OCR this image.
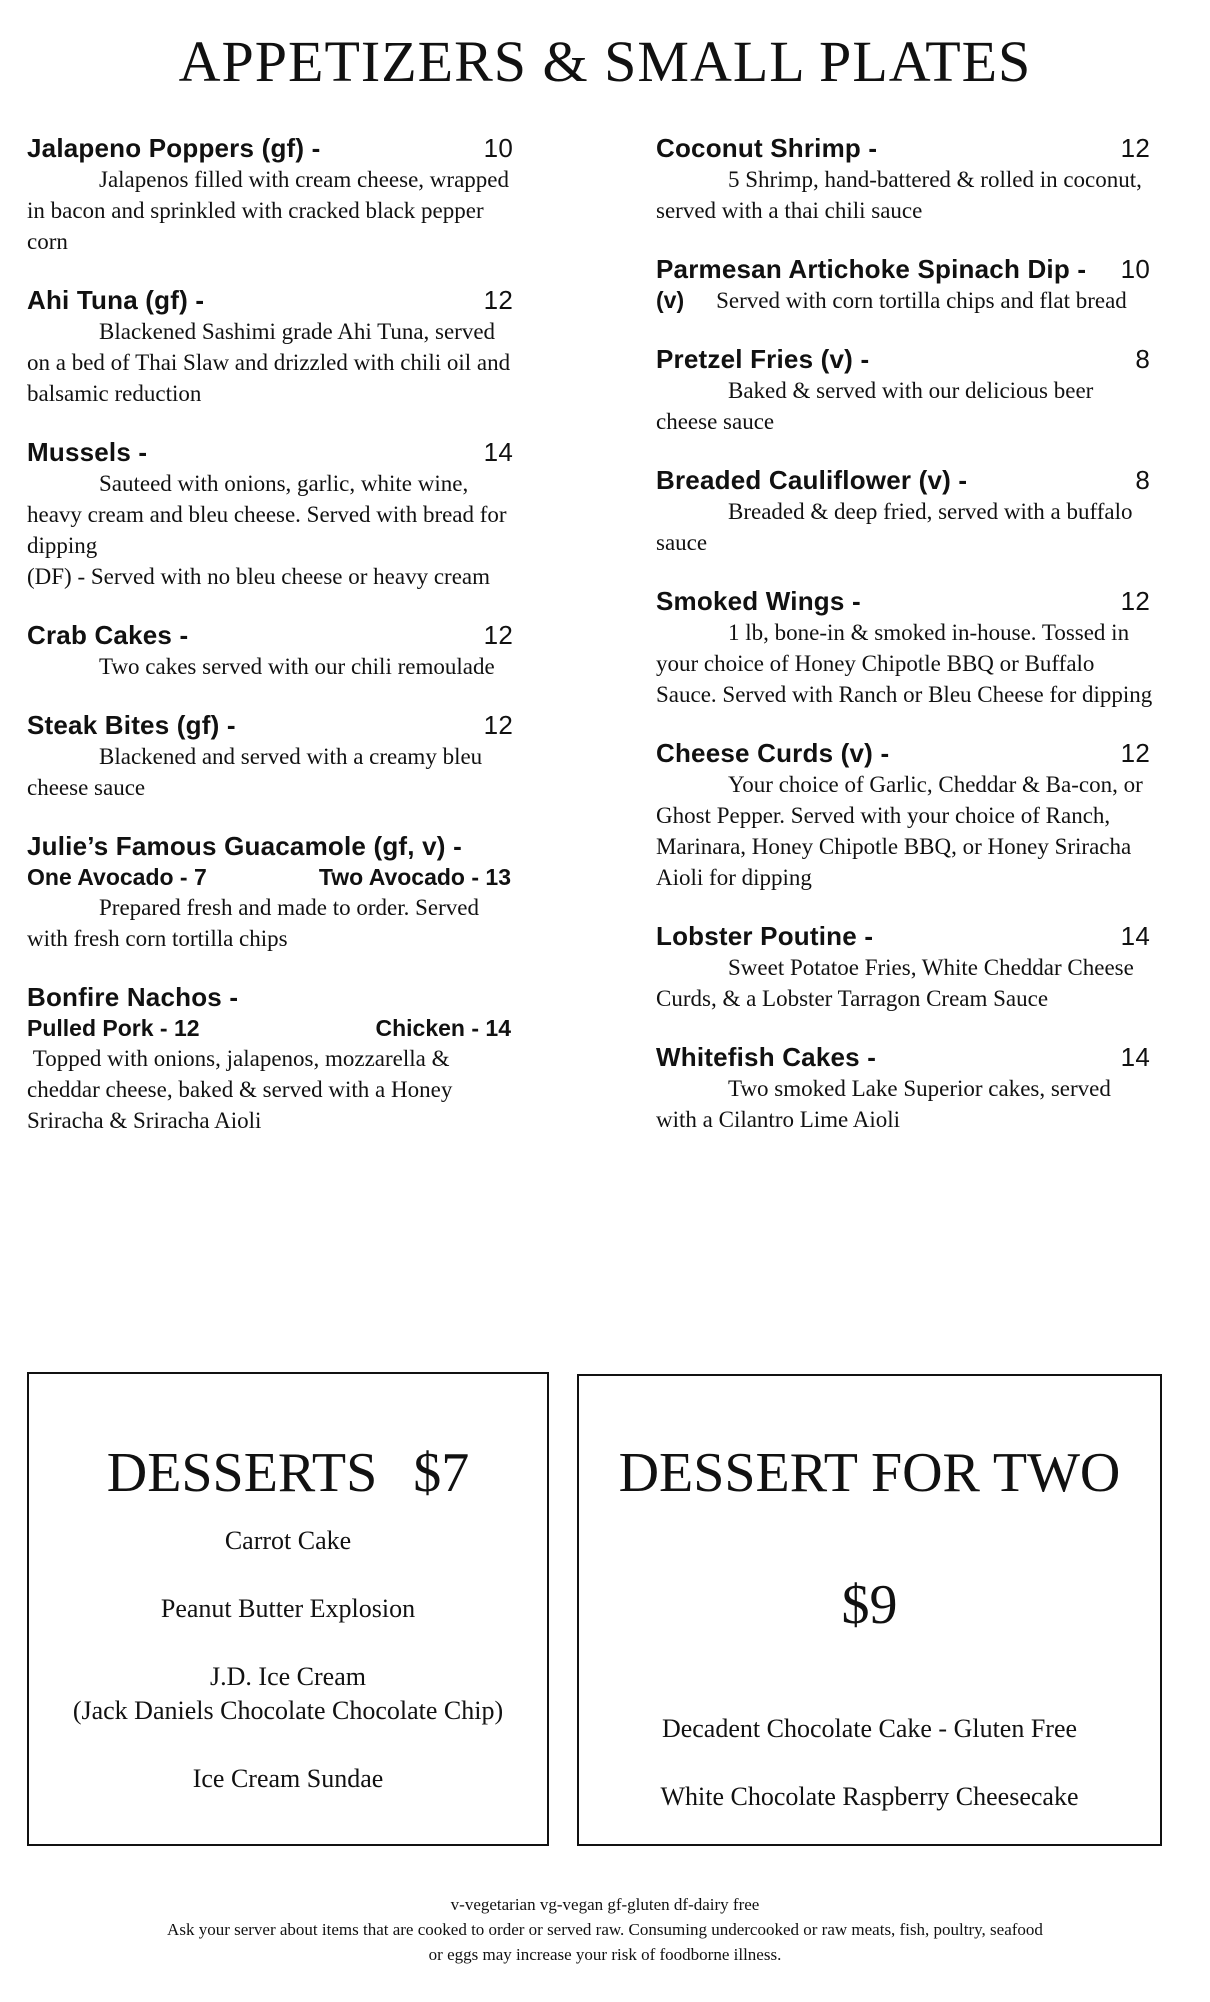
APPETIZERS & SMALL PLATES
Jalapeno Poppers (gf) -	10
Jalapenos filled with cream cheese, wrapped in bacon and sprinkled with cracked black pepper corn
Ahi Tuna (gf) -	12
Blackened Sashimi grade Ahi Tuna, served on a bed of Thai Slaw and drizzled with chili oil and balsamic reduction
Mussels -	14
Sauteed with onions, garlic, white wine, heavy cream and bleu cheese. Served with bread for dipping
(DF) - Served with no bleu cheese or heavy cream
Crab Cakes -	12
Two cakes served with our chili remoulade
Steak Bites (gf) -	12
Blackened and served with a creamy bleu cheese sauce
Julie’s Famous Guacamole (gf, v) -
One Avocado - 7	Two Avocado - 13
Prepared fresh and made to order. Served with fresh corn tortilla chips
Bonfire Nachos -
Pulled Pork - 12	Chicken - 14
Topped with onions, jalapenos, mozzarella & cheddar cheese, baked & served with a Honey Sriracha & Sriracha Aioli
Coconut Shrimp -	12
5 Shrimp, hand-battered & rolled in coconut, served with a thai chili sauce
Parmesan Artichoke Spinach Dip - 10
(v) Served with corn tortilla chips and flat bread
Pretzel Fries (v) -	8
Baked & served with our delicious beer cheese sauce
Breaded Cauliflower (v) -	8
Breaded & deep fried, served with a buffalo sauce
Smoked Wings -	12
1 lb, bone-in & smoked in-house. Tossed in your choice of Honey Chipotle BBQ or Buffalo Sauce. Served with Ranch or Bleu Cheese for dipping
Cheese Curds (v) -	12
Your choice of Garlic, Cheddar & Ba-con, or Ghost Pepper. Served with your choice of Ranch, Marinara, Honey Chipotle BBQ, or Honey Sriracha Aioli for dipping
Lobster Poutine -	14
Sweet Potatoe Fries, White Cheddar Cheese Curds, & a Lobster Tarragon Cream Sauce
Whitefish Cakes -	14
Two smoked Lake Superior cakes, served with a Cilantro Lime Aioli
DESSERTS $7
Carrot Cake
Peanut Butter Explosion
J.D. Ice Cream
(Jack Daniels Chocolate Chocolate Chip)
Ice Cream Sundae
DESSERT FOR TWO
$9
Decadent Chocolate Cake - Gluten Free
White Chocolate Raspberry Cheesecake
v-vegetarian vg-vegan gf-gluten df-dairy free
Ask your server about items that are cooked to order or served raw. Consuming undercooked or raw meats, fish, poultry, seafood
or eggs may increase your risk of foodborne illness.
